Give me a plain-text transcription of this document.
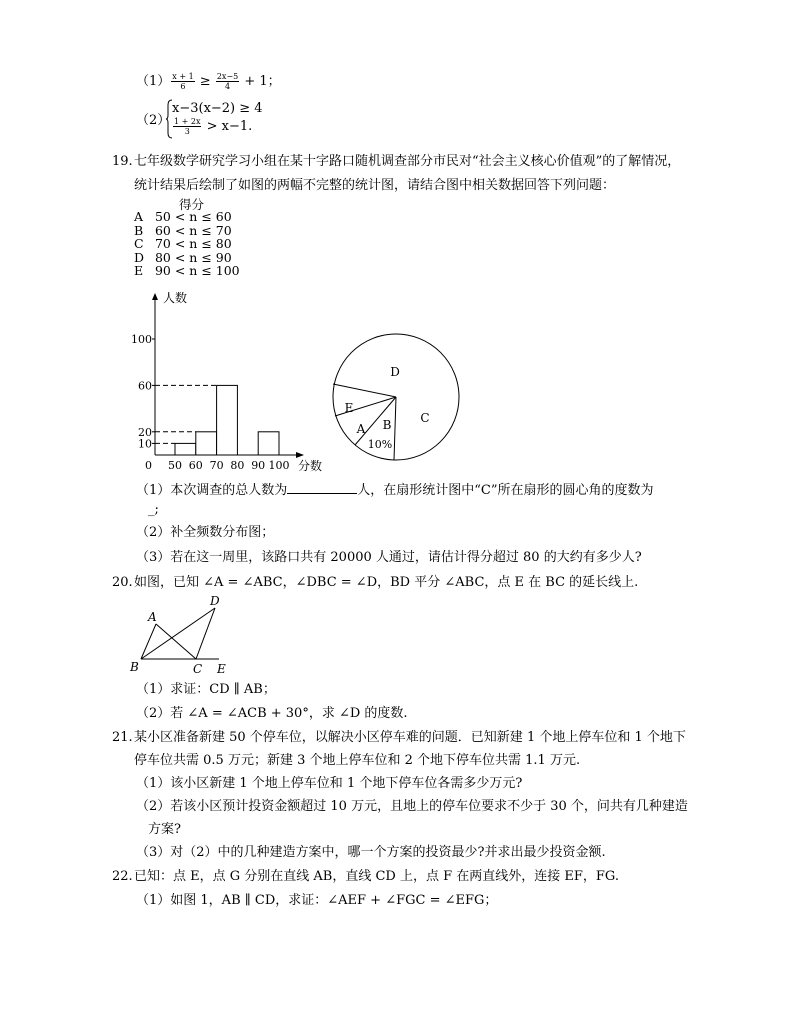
$(1) \frac{x + 1}{6} \ge \frac{2x-5}{4} + 1$；
（2）
x−3(x−2) ≥ 4
$\frac{1 + 2x}{3} > x-1$.
19. 七年级数学研究学习小组在某十字路口随机调查部分市民对“社会主义核心价值观”的了解情况，
统计结果后绘制了如图的两幅不完整的统计图，请结合图中相关数据回答下列问题：
得分
A 50 < n ≤ 60
B 60 < n ≤ 70
C 70 < n ≤ 80
D 80 < n ≤ 90
E 90 < n ≤ 100
10
20
60
100
50 60 70 80 90 100
人数
分数
0
D
C
B
A
E
10%
（1）本次调查的总人数为	人，在扇形统计图中“C”所在扇形的圆心角的度数为
_;
（2）补全频数分布图；
（3）若在这一周里，该路口共有 20000 人通过，请估计得分超过 80 的大约有多少人?
20. 如图，已知 ∠A = ∠ABC，∠DBC = ∠D，BD 平分 ∠ABC，点 E 在 BC 的延长线上.
A
B	C
D
E
（1）求证：CD ∥ AB；
（2）若 ∠A = ∠ACB + 30°，求 ∠D 的度数.
21. 某小区准备新建 50 个停车位，以解决小区停车难的问题．已知新建 1 个地上停车位和 1 个地下
停车位共需 0.5 万元；新建 3 个地上停车位和 2 个地下停车位共需 1.1 万元.
（1）该小区新建 1 个地上停车位和 1 个地下停车位各需多少万元?
（2）若该小区预计投资金额超过 10 万元，且地上的停车位要求不少于 30 个，问共有几种建造
方案?
（3）对（2）中的几种建造方案中，哪一个方案的投资最少?并求出最少投资金额.
22. 已知：点 E，点 G 分别在直线 AB，直线 CD 上，点 F 在两直线外，连接 EF，FG.
（1）如图 1，AB ∥ CD，求证：∠AEF + ∠FGC = ∠EFG；
